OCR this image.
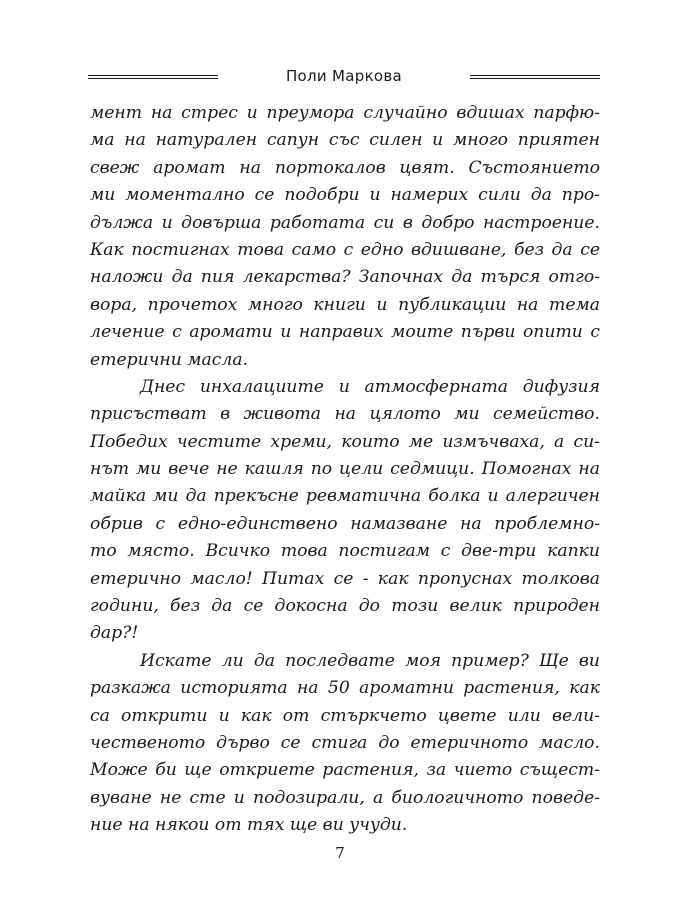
Поли Маркова
мент на стрес и преумора случайно вдишах парфю-
ма на натурален сапун със силен и много приятен
свеж аромат на портокалов цвят. Състоянието
ми моментално се подобри и намерих сили да про-
дължа и довърша работата си в добро настроение.
Как постигнах това само с едно вдишване, без да се
наложи да пия лекарства? Започнах да търся отго-
вора, прочетох много книги и публикации на тема
лечение с аромати и направих моите първи опити с
етерични масла.
Днес инхалациите и атмосферната дифузия
присъстват в живота на цялото ми семейство.
Победих честите хреми, които ме измъчваха, а си-
нът ми вече не кашля по цели седмици. Помогнах на
майка ми да прекъсне ревматична болка и алергичен
обрив с едно-единствено намазване на проблемно-
то място. Всичко това постигам с две-три капки
етерично масло! Питах се - как пропуснах толкова
години, без да се докосна до този велик природен
дар?!
Искате ли да последвате моя пример? Ще ви
разкажа историята на 50 ароматни растения, как
са открити и как от стъркчето цвете или вели-
чественото дърво се стига до етеричното масло.
Може би ще откриете растения, за чието същест-
вуване не сте и подозирали, а биологичното поведе-
ние на някои от тях ще ви учуди.
7
